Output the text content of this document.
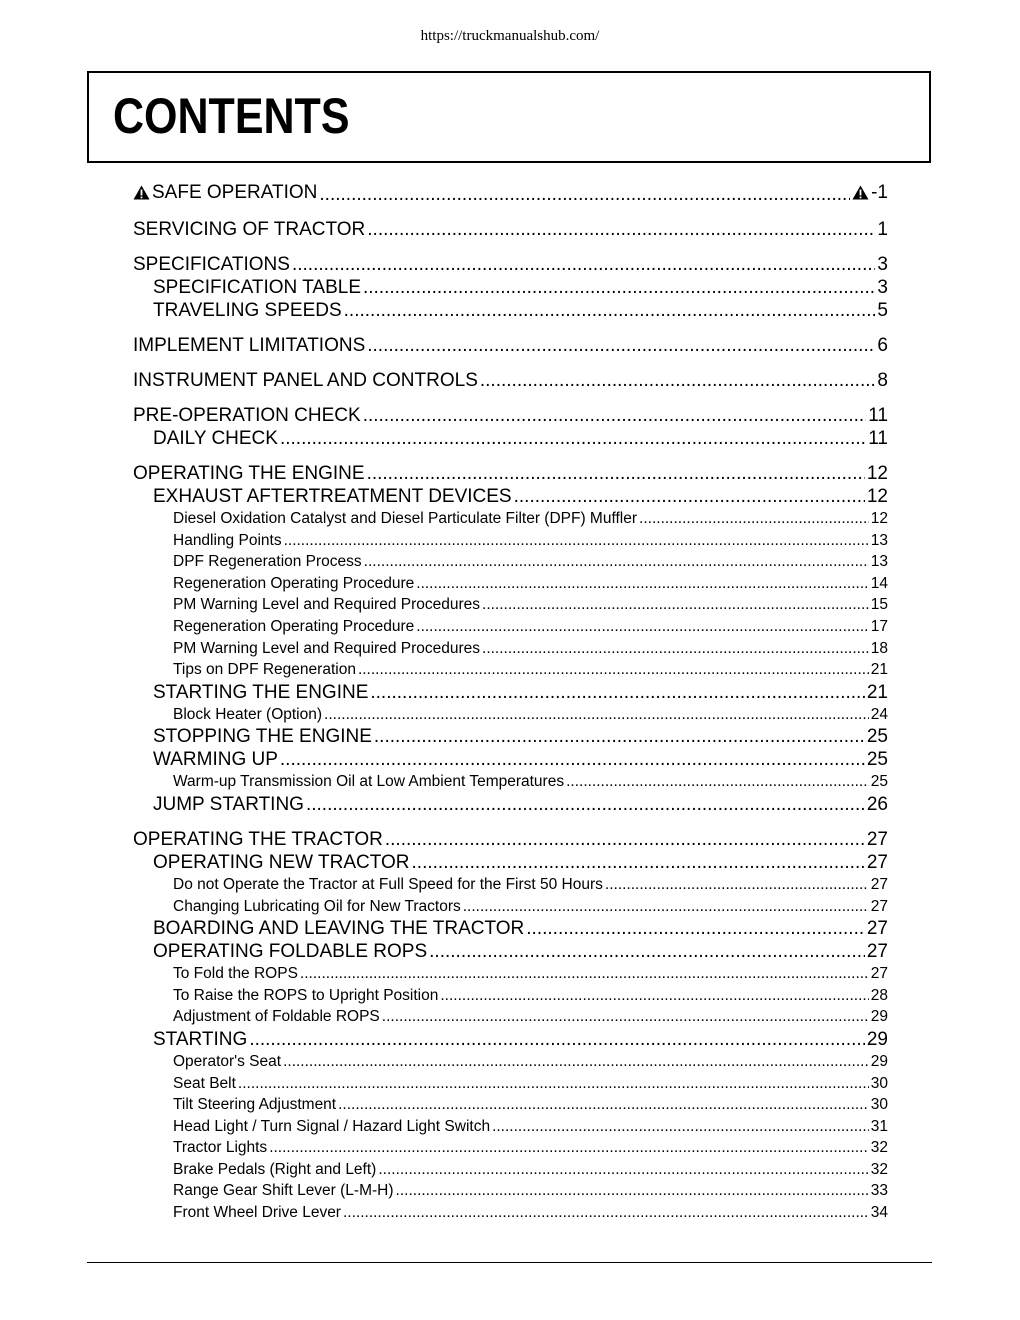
https://truckmanualshub.com/
CONTENTS
SAFE OPERATION .....	-1
SERVICING OF TRACTOR .....	1
SPECIFICATIONS .....	3
SPECIFICATION TABLE .....	3
TRAVELING SPEEDS .....	5
IMPLEMENT LIMITATIONS .....	6
INSTRUMENT PANEL AND CONTROLS .....	8
PRE-OPERATION CHECK .....	11
DAILY CHECK .....	11
OPERATING THE ENGINE .....	12
EXHAUST AFTERTREATMENT DEVICES .....	12
Diesel Oxidation Catalyst and Diesel Particulate Filter (DPF) Muffler .....	12
Handling Points .....	13
DPF Regeneration Process .....	13
Regeneration Operating Procedure .....	14
PM Warning Level and Required Procedures .....	15
Regeneration Operating Procedure .....	17
PM Warning Level and Required Procedures .....	18
Tips on DPF Regeneration .....	21
STARTING THE ENGINE .....	21
Block Heater (Option) .....	24
STOPPING THE ENGINE .....	25
WARMING UP .....	25
Warm-up Transmission Oil at Low Ambient Temperatures .....	25
JUMP STARTING .....	26
OPERATING THE TRACTOR .....	27
OPERATING NEW TRACTOR .....	27
Do not Operate the Tractor at Full Speed for the First 50 Hours .....	27
Changing Lubricating Oil for New Tractors .....	27
BOARDING AND LEAVING THE TRACTOR .....	27
OPERATING FOLDABLE ROPS .....	27
To Fold the ROPS .....	27
To Raise the ROPS to Upright Position .....	28
Adjustment of Foldable ROPS .....	29
STARTING .....	29
Operator's Seat .....	29
Seat Belt .....	30
Tilt Steering Adjustment .....	30
Head Light / Turn Signal / Hazard Light Switch .....	31
Tractor Lights .....	32
Brake Pedals (Right and Left) .....	32
Range Gear Shift Lever (L-M-H) .....	33
Front Wheel Drive Lever .....	34
